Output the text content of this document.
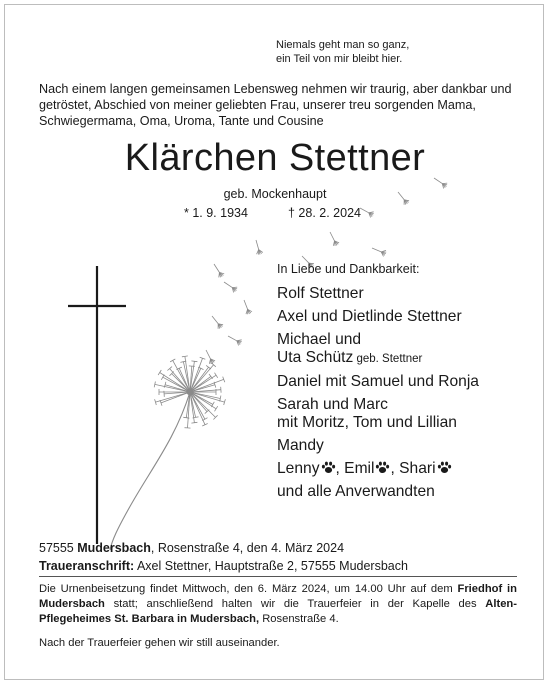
Niemals geht man so ganz,
ein Teil von mir bleibt hier.
Nach einem langen gemeinsamen Lebensweg nehmen wir traurig, aber dankbar und getröstet, Abschied von meiner geliebten Frau, unserer treu sorgenden Mama, Schwiegermama, Oma, Uroma, Tante und Cousine
Klärchen Stettner
geb. Mockenhaupt
* 1. 9. 1934	† 28. 2. 2024
In Liebe und Dankbarkeit:
Rolf Stettner
Axel und Dietlinde Stettner
Michael und
Uta Schütz geb. Stettner
Daniel mit Samuel und Ronja
Sarah und Marc
mit Moritz, Tom und Lillian
Mandy
Lenny , Emil , Shari
und alle Anverwandten
57555 Mudersbach, Rosenstraße 4, den 4. März 2024
Traueranschrift: Axel Stettner, Hauptstraße 2, 57555 Mudersbach
Die Urnenbeisetzung findet Mittwoch, den 6. März 2024, um 14.00 Uhr auf dem Friedhof in Mudersbach statt; anschließend halten wir die Trauerfeier in der Kapelle des Alten-Pflegeheimes St. Barbara in Mudersbach, Rosenstraße 4.
Nach der Trauerfeier gehen wir still auseinander.
